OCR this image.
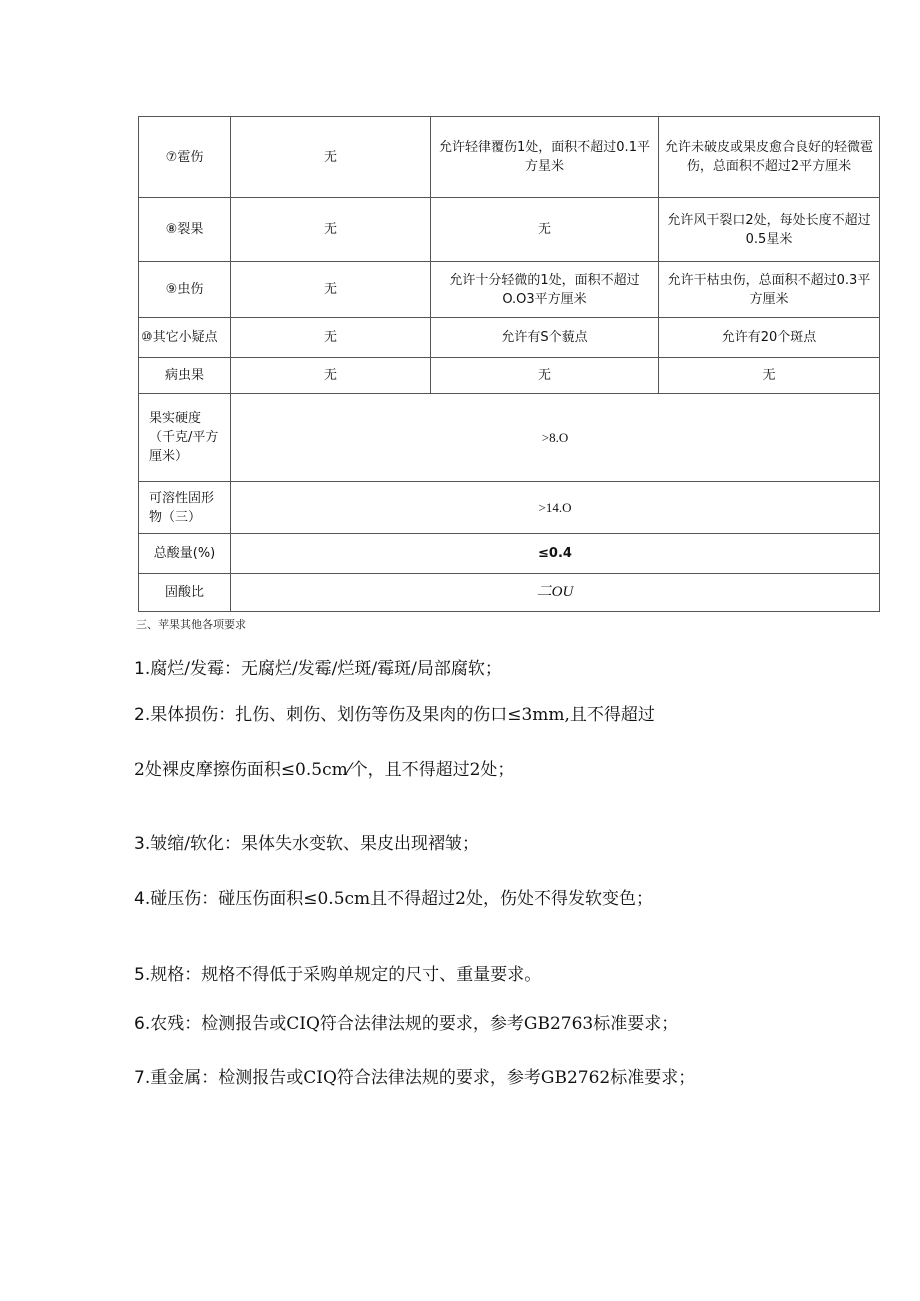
⑦雹伤	无	允许轻律覆伤1处，面积不超过0.1平方星米	允许未破皮或果皮愈合良好的轻微雹伤，总面积不超过2平方厘米
⑧裂果	无	无	允许风干裂口2处，每处长度不超过0.5星米
⑨虫伤	无	允许十分轻微的1处，面积不超过O.O3平方厘米	允许干枯虫伤，总面积不超过0.3平方厘米
⑩其它小疑点	无	允许有S个藐点	允许有20个斑点
病虫果	无	无	无
果实硬度（千克/平方厘米）	>8.O		
可溶性固形物（三）	>14.O		
总酸量(%)	≤0.4		
固酸比	二OU		
三、苹果其他各项要求

1.腐烂/发霉：无腐烂/发霉/烂斑/霉斑/局部腐软；

2.果体损伤：扎伤、刺伤、划伤等伤及果肉的伤口≤3mm,且不得超过

2处裸皮摩擦伤面积≤0.5cm⁄个，且不得超过2处；

3.皱缩/软化：果体失水变软、果皮出现褶皱；

4.碰压伤：碰压伤面积≤0.5cm且不得超过2处，伤处不得发软变色；

5.规格：规格不得低于采购单规定的尺寸、重量要求。

6.农残：检测报告或CIQ符合法律法规的要求，参考GB2763标准要求；

7.重金属：检测报告或CIQ符合法律法规的要求，参考GB2762标准要求；
